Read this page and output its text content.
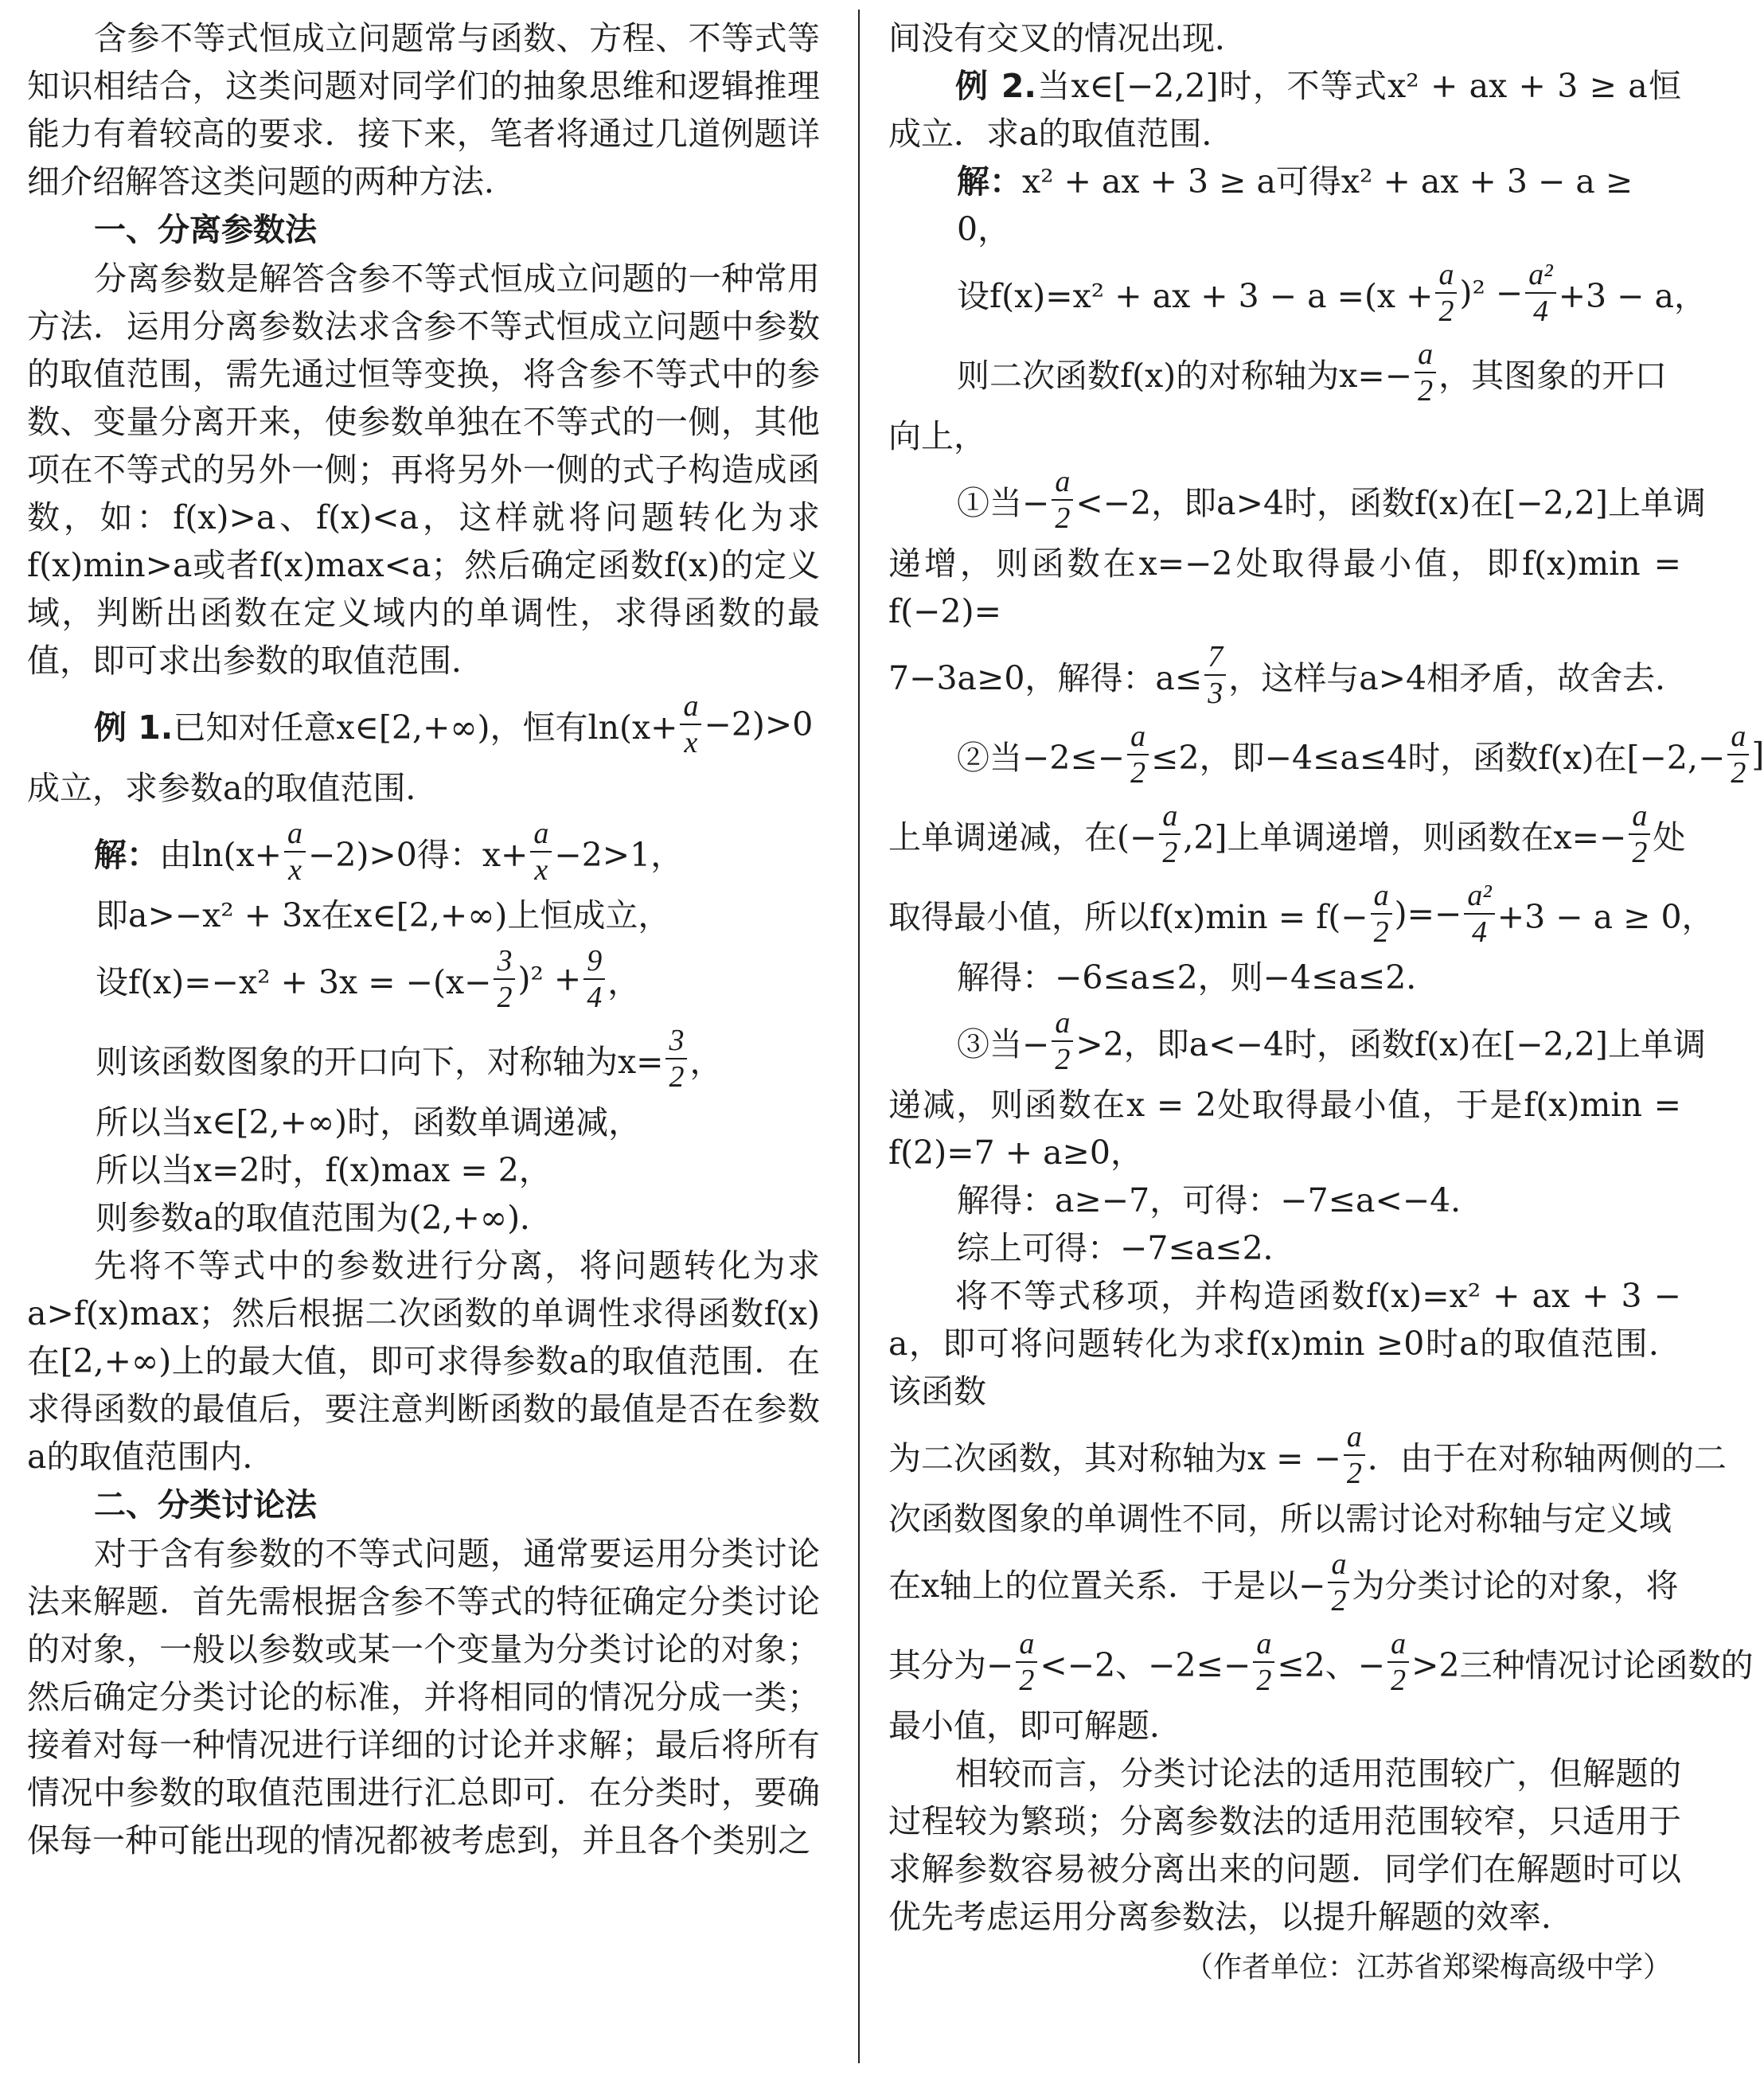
含参不等式恒成立问题常与函数、方程、不等式等知识相结合，这类问题对同学们的抽象思维和逻辑推理能力有着较高的要求．接下来，笔者将通过几道例题详细介绍解答这类问题的两种方法．

一、分离参数法

分离参数是解答含参不等式恒成立问题的一种常用方法．运用分离参数法求含参不等式恒成立问题中参数的取值范围，需先通过恒等变换，将含参不等式中的参数、变量分离开来，使参数单独在不等式的一侧，其他项在不等式的另外一侧；再将另外一侧的式子构造成函数，如：f(x)>a、f(x)<a，这样就将问题转化为求f(x)min>a或者f(x)max<a；然后确定函数f(x)的定义域，判断出函数在定义域内的单调性，求得函数的最值，即可求出参数的取值范围．

例 1. 已知对任意x∈[2,+∞)，恒有$\ln(x+ \frac{a}{x} -2)>0$

成立，求参数a的取值范围．

解： 由$\ln(x+ \frac{a}{x} -2)>0$得：$x+ \frac{a}{x} -2>1$，

即a>−x² + 3x在x∈[2,+∞)上恒成立，

设$f(x)=-x^2 + 3x = -(x- \frac{3}{2} )^2 + \frac{9}{4}$ ，
则该函数图象的开口向下，对称轴为$x= \frac{3}{2}$ ，

所以当x∈[2,+∞)时，函数单调递减，

所以当x=2时，f(x)max = 2，

则参数a的取值范围为(2,+∞)．

先将不等式中的参数进行分离，将问题转化为求a>f(x)max；然后根据二次函数的单调性求得函数f(x)在[2,+∞)上的最大值，即可求得参数a的取值范围．在求得函数的最值后，要注意判断函数的最值是否在参数a的取值范围内．

二、分类讨论法

对于含有参数的不等式问题，通常要运用分类讨论法来解题．首先需根据含参不等式的特征确定分类讨论的对象，一般以参数或某一个变量为分类讨论的对象；然后确定分类讨论的标准，并将相同的情况分成一类；接着对每一种情况进行详细的讨论并求解；最后将所有情况中参数的取值范围进行汇总即可．在分类时，要确保每一种可能出现的情况都被考虑到，并且各个类别之

间没有交叉的情况出现．

例 2.当x∈[−2,2]时，不等式x² + ax + 3 ≥ a恒成立．求a的取值范围．

解：x² + ax + 3 ≥ a可得x² + ax + 3 − a ≥ 0，

设f(x)=x² + ax + $3 - a =(x + \frac{a}{2} )^2 - \frac{\text{a²}}{4} +3 - a$，
则二次函数f(x)的对称轴为$x=- \frac{a}{2}$ ，其图象的开口

向上，

①当− $\frac{a}{2} <-2$，即a>4时，函数f(x)在[−2,2]上单调

递增，则函数在x=−2处取得最小值，即f(x)min = f(−2)=

7−3a≥0，解得：$a\le \frac{7}{3}$ ，这样与a>4相矛盾，故舍去．
②当$-2\le- \frac{a}{2} \le 2$，即−4≤a≤4时，函数f(x)在[$-2,- \frac{a}{2}$ ]
上单调递减，在(− $\frac{a}{2} ,2$]上单调递增，则函数在$x=- \frac{a}{2}$ 处
取得最小值，所以$f(x)\min = f(- \frac{a}{2}$ )=− $\frac{\text{a²}}{4} +3 - a \ge 0$，

解得：−6≤a≤2，则−4≤a≤2．

③当− $\frac{a}{2} >2$，即a<−4时，函数f(x)在[−2,2]上单调

递减，则函数在x = 2处取得最小值，于是f(x)min = f(2)=7 + a≥0，

解得：a≥−7，可得：−7≤a<−4．

综上可得：−7≤a≤2．

将不等式移项，并构造函数f(x)=x² + ax + 3 − a，即可将问题转化为求f(x)min ≥0时a的取值范围．该函数

为二次函数，其对称轴为x = − $\frac{a}{2}$ ．由于在对称轴两侧的二

次函数图象的单调性不同，所以需讨论对称轴与定义域

在x轴上的位置关系．于是以− $\frac{a}{2}$ 为分类讨论的对象，将
其分为− $\frac{a}{2} <-2$、$-2\le- \frac{a}{2} \le 2$、− $\frac{a}{2} >2$三种情况讨论函数的

最小值，即可解题．

相较而言，分类讨论法的适用范围较广，但解题的过程较为繁琐；分离参数法的适用范围较窄，只适用于求解参数容易被分离出来的问题．同学们在解题时可以优先考虑运用分离参数法，以提升解题的效率．

（作者单位：江苏省郑梁梅高级中学）
